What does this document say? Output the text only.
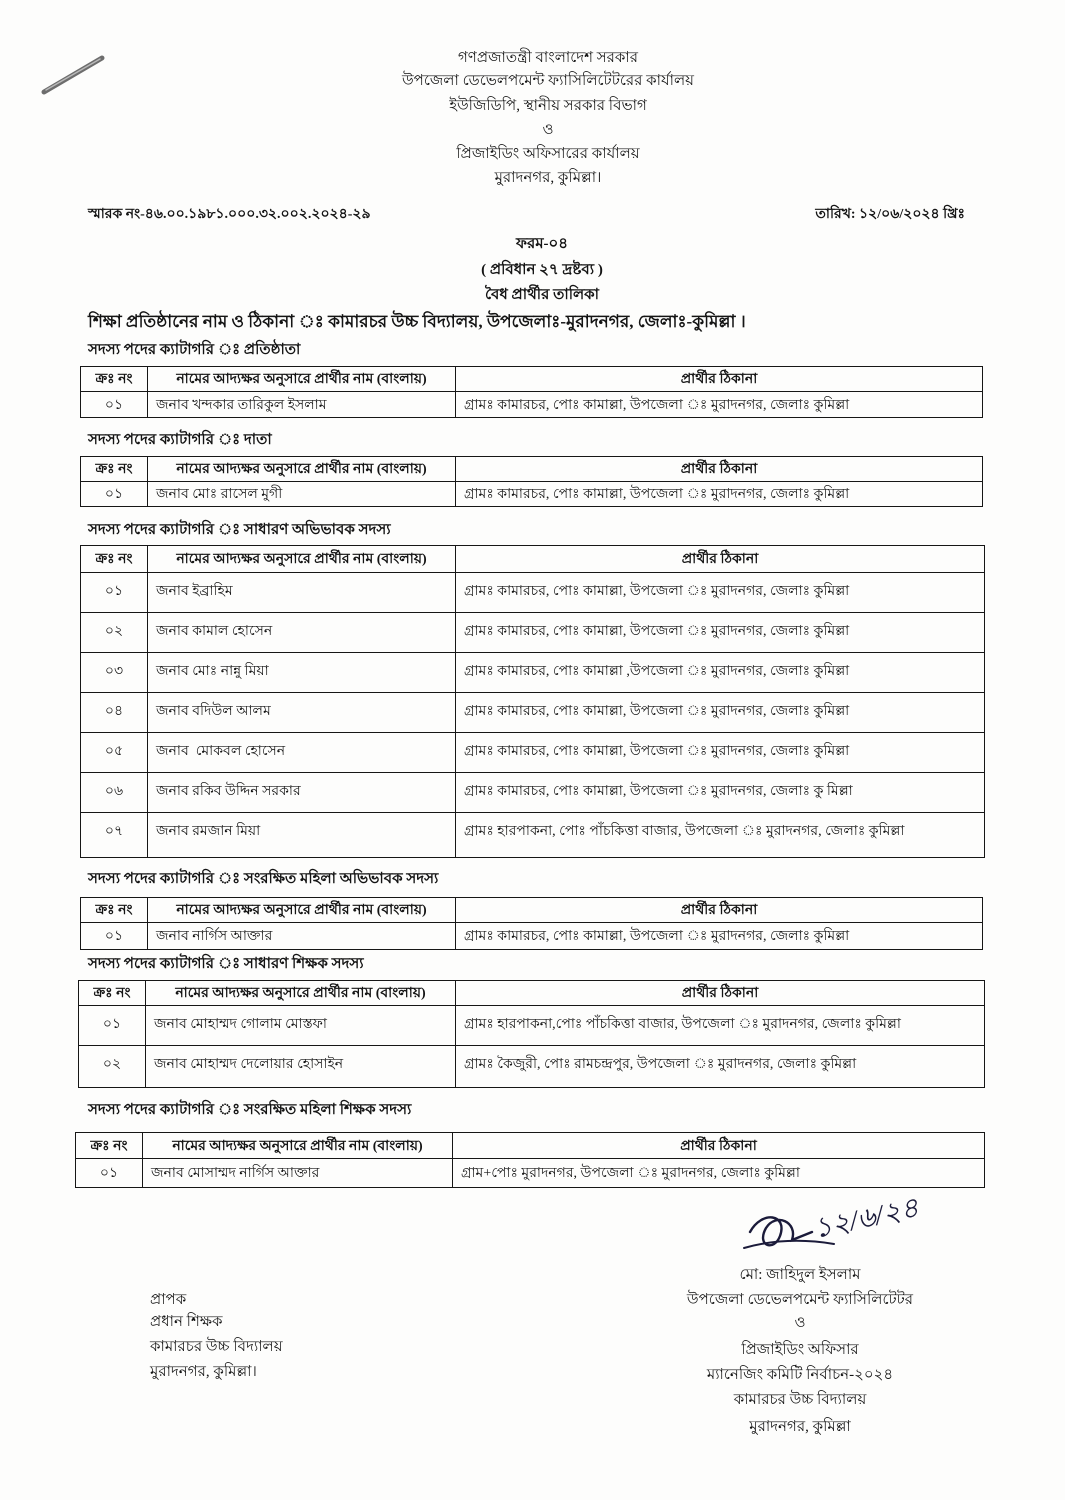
গণপ্রজাতন্ত্রী বাংলাদেশ সরকার
উপজেলা ডেভেলপমেন্ট ফ্যাসিলিটেটরের কার্যালয়
ইউজিডিপি, স্থানীয় সরকার বিভাগ
ও
প্রিজাইডিং অফিসারের কার্যালয়
মুরাদনগর, কুমিল্লা।
স্মারক নং-৪৬.০০.১৯৮১.০০০.৩২.০০২.২০২৪-২৯	তারিখ: ১২/০৬/২০২৪ খ্রিঃ
ফরম-০৪
( প্রবিধান ২৭ দ্রষ্টব্য )
বৈধ প্রার্থীর তালিকা
শিক্ষা প্রতিষ্ঠানের নাম ও ঠিকানা ঃ কামারচর উচ্চ বিদ্যালয়, উপজেলাঃ-মুরাদনগর, জেলাঃ-কুমিল্লা ।
সদস্য পদের ক্যাটাগরি ঃ প্রতিষ্ঠাতা
ক্রঃ নং	নামের আদ্যক্ষর অনুসারে প্রার্থীর নাম (বাংলায়)	প্রার্থীর ঠিকানা
০১	জনাব খন্দকার তারিকুল ইসলাম	গ্রামঃ কামারচর, পোঃ কামাল্লা, উপজেলা ঃ মুরাদনগর, জেলাঃ কুমিল্লা
সদস্য পদের ক্যাটাগরি ঃ দাতা
ক্রঃ নং	নামের আদ্যক্ষর অনুসারে প্রার্থীর নাম (বাংলায়)	প্রার্থীর ঠিকানা
০১	জনাব মোঃ রাসেল মুগী	গ্রামঃ কামারচর, পোঃ কামাল্লা, উপজেলা ঃ মুরাদনগর, জেলাঃ কুমিল্লা
সদস্য পদের ক্যাটাগরি ঃ সাধারণ অভিভাবক সদস্য
ক্রঃ নং	নামের আদ্যক্ষর অনুসারে প্রার্থীর নাম (বাংলায়)	প্রার্থীর ঠিকানা
০১	জনাব ইব্রাহিম	গ্রামঃ কামারচর, পোঃ কামাল্লা, উপজেলা ঃ মুরাদনগর, জেলাঃ কুমিল্লা
০২	জনাব কামাল হোসেন	গ্রামঃ কামারচর, পোঃ কামাল্লা, উপজেলা ঃ মুরাদনগর, জেলাঃ কুমিল্লা
০৩	জনাব মোঃ নান্নু মিয়া	গ্রামঃ কামারচর, পোঃ কামাল্লা ,উপজেলা ঃ মুরাদনগর, জেলাঃ কুমিল্লা
০৪	জনাব বদিউল আলম	গ্রামঃ কামারচর, পোঃ কামাল্লা, উপজেলা ঃ মুরাদনগর, জেলাঃ কুমিল্লা
০৫	জনাব  মোকবল হোসেন	গ্রামঃ কামারচর, পোঃ কামাল্লা, উপজেলা ঃ মুরাদনগর, জেলাঃ কুমিল্লা
০৬	জনাব রকিব উদ্দিন সরকার	গ্রামঃ কামারচর, পোঃ কামাল্লা, উপজেলা ঃ মুরাদনগর, জেলাঃ কু মিল্লা
০৭	জনাব রমজান মিয়া	গ্রামঃ হারপাকনা, পোঃ পাঁচকিত্তা বাজার, উপজেলা ঃ মুরাদনগর, জেলাঃ কুমিল্লা
সদস্য পদের ক্যাটাগরি ঃ সংরক্ষিত মহিলা অভিভাবক সদস্য
ক্রঃ নং	নামের আদ্যক্ষর অনুসারে প্রার্থীর নাম (বাংলায়)	প্রার্থীর ঠিকানা
০১	জনাব নার্গিস আক্তার	গ্রামঃ কামারচর, পোঃ কামাল্লা, উপজেলা ঃ মুরাদনগর, জেলাঃ কুমিল্লা
সদস্য পদের ক্যাটাগরি ঃ সাধারণ শিক্ষক সদস্য
ক্রঃ নং	নামের আদ্যক্ষর অনুসারে প্রার্থীর নাম (বাংলায়)	প্রার্থীর ঠিকানা
০১	জনাব মোহাম্মদ গোলাম মোস্তফা	গ্রামঃ হারপাকনা,পোঃ পাঁচকিত্তা বাজার, উপজেলা ঃ মুরাদনগর, জেলাঃ কুমিল্লা
০২	জনাব মোহাম্মদ দেলোয়ার হোসাইন	গ্রামঃ কৈজুরী, পোঃ রামচন্দ্রপুর, উপজেলা ঃ মুরাদনগর, জেলাঃ কুমিল্লা
সদস্য পদের ক্যাটাগরি ঃ সংরক্ষিত মহিলা শিক্ষক সদস্য
ক্রঃ নং	নামের আদ্যক্ষর অনুসারে প্রার্থীর নাম (বাংলায়)	প্রার্থীর ঠিকানা
০১	জনাব মোসাম্মদ নার্গিস আক্তার	গ্রাম+পোঃ মুরাদনগর, উপজেলা ঃ মুরাদনগর, জেলাঃ কুমিল্লা
১২/৬/২৪
মো: জাহিদুল ইসলাম
উপজেলা ডেভেলপমেন্ট ফ্যাসিলিটেটর
ও
প্রিজাইডিং অফিসার
ম্যানেজিং কমিটি নির্বাচন-২০২৪
কামারচর উচ্চ বিদ্যালয়
মুরাদনগর, কুমিল্লা
প্রাপক
প্রধান শিক্ষক
কামারচর উচ্চ বিদ্যালয়
মুরাদনগর, কুমিল্লা।
